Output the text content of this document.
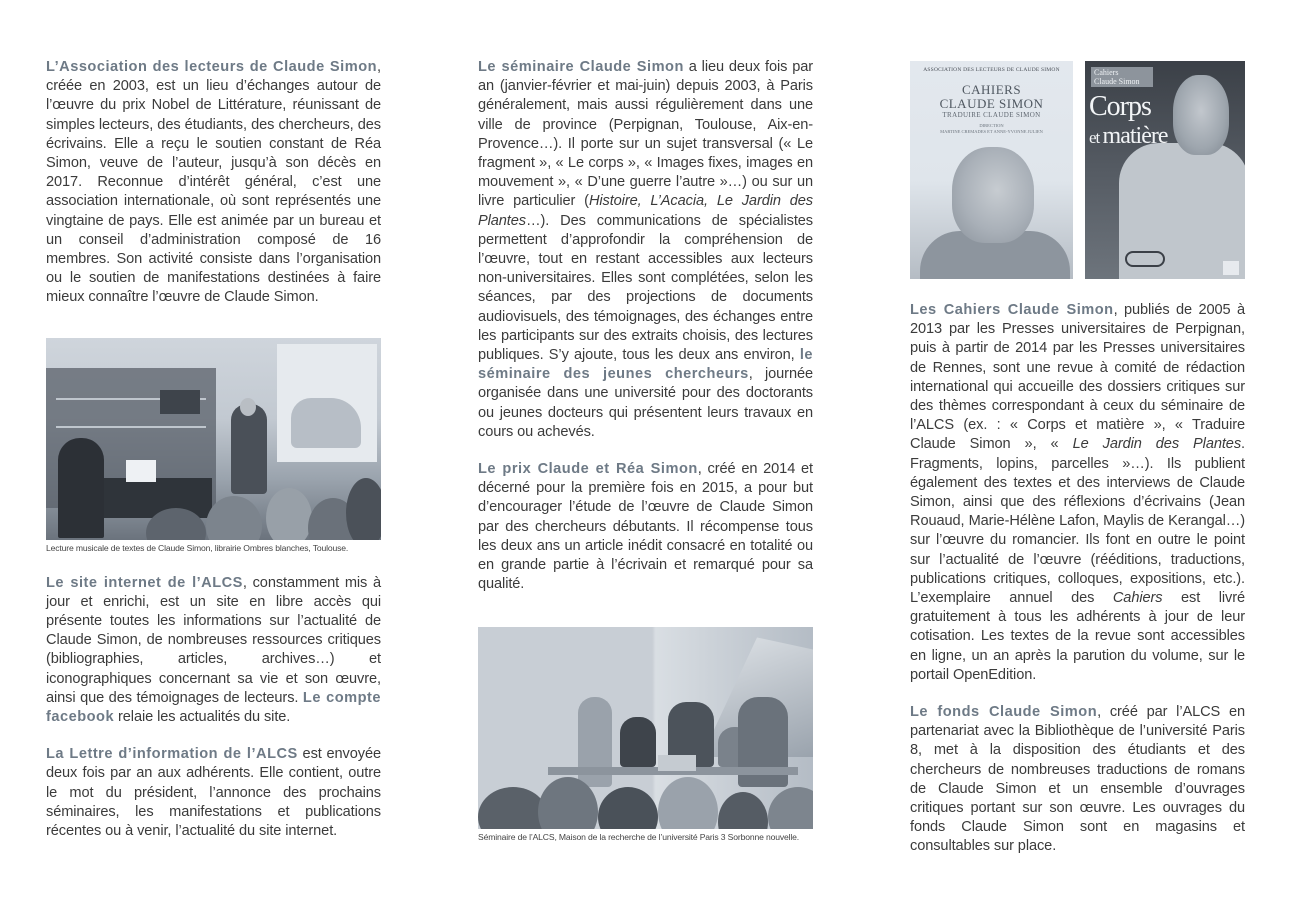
L’Association des lecteurs de Claude Simon, créée en 2003, est un lieu d’échanges autour de l’œuvre du prix Nobel de Littérature, réunissant de simples lecteurs, des étudiants, des chercheurs, des écrivains. Elle a reçu le soutien constant de Réa Simon, veuve de l’auteur, jusqu’à son décès en 2017. Reconnue d’intérêt général, c’est une association internationale, où sont représentés une vingtaine de pays. Elle est animée par un bureau et un conseil d’administration composé de 16 membres. Son activité consiste dans l’organisation ou le soutien de manifestations destinées à faire mieux connaître l’œuvre de Claude Simon.

Lecture musicale de textes de Claude Simon, librairie Ombres blanches, Toulouse.

Le site internet de l’ALCS, constamment mis à jour et enrichi, est un site en libre accès qui présente toutes les informations sur l’actualité de Claude Simon, de nombreuses ressources critiques (bibliographies, articles, archives…) et iconographiques concernant sa vie et son œuvre, ainsi que des témoignages de lecteurs. Le compte facebook relaie les actualités du site.

La Lettre d’information de l’ALCS est envoyée deux fois par an aux adhérents. Elle contient, outre le mot du président, l’annonce des prochains séminaires, les manifestations et publications récentes ou à venir, l’actualité du site internet.

Le séminaire Claude Simon a lieu deux fois par an (janvier-février et mai-juin) depuis 2003, à Paris généralement, mais aussi régulièrement dans une ville de province (Perpignan, Toulouse, Aix-en-Provence…). Il porte sur un sujet transversal (« Le fragment », « Le corps », « Images fixes, images en mouvement », « D’une guerre l’autre »…) ou sur un livre particulier (Histoire, L’Acacia, Le Jardin des Plantes…). Des communications de spécialistes permettent d’approfondir la compréhension de l’œuvre, tout en restant accessibles aux lecteurs non-universitaires. Elles sont complétées, selon les séances, par des projections de documents audiovisuels, des témoignages, des échanges entre les participants sur des extraits choisis, des lectures publiques. S’y ajoute, tous les deux ans environ, le séminaire des jeunes chercheurs, journée organisée dans une université pour des doctorants ou jeunes docteurs qui présentent leurs travaux en cours ou achevés.

Le prix Claude et Réa Simon, créé en 2014 et décerné pour la première fois en 2015, a pour but d’encourager l’étude de l’œuvre de Claude Simon par des chercheurs débutants. Il récompense tous les deux ans un article inédit consacré en totalité ou en grande partie à l’écrivain et remarqué pour sa qualité.

Séminaire de l’ALCS, Maison de la recherche de l’université Paris 3 Sorbonne nouvelle.
ASSOCIATION DES LECTEURS DE CLAUDE SIMON
CAHIERS
CLAUDE SIMON
TRADUIRE CLAUDE SIMON
DIRECTION
MARTINE CREMADES ET ANNE-YVONNE JULIEN
Cahiers
Claude Simon
Corps
et matière

Les Cahiers Claude Simon, publiés de 2005 à 2013 par les Presses universitaires de Perpignan, puis à partir de 2014 par les Presses universitaires de Rennes, sont une revue à comité de rédaction international qui accueille des dossiers critiques sur des thèmes correspondant à ceux du séminaire de l’ALCS (ex. : « Corps et matière », « Traduire Claude Simon », « Le Jardin des Plantes. Fragments, lopins, parcelles »…). Ils publient également des textes et des interviews de Claude Simon, ainsi que des réflexions d’écrivains (Jean Rouaud, Marie-Hélène Lafon, Maylis de Kerangal…) sur l’œuvre du romancier. Ils font en outre le point sur l’actualité de l’œuvre (rééditions, traductions, publications critiques, colloques, expositions, etc.). L’exemplaire annuel des Cahiers est livré gratuitement à tous les adhérents à jour de leur cotisation. Les textes de la revue sont accessibles en ligne, un an après la parution du volume, sur le portail OpenEdition.

Le fonds Claude Simon, créé par l’ALCS en partenariat avec la Bibliothèque de l’université Paris 8, met à la disposition des étudiants et des chercheurs de nombreuses traductions de romans de Claude Simon et un ensemble d’ouvrages critiques portant sur son œuvre. Les ouvrages du fonds Claude Simon sont en magasins et consultables sur place.
